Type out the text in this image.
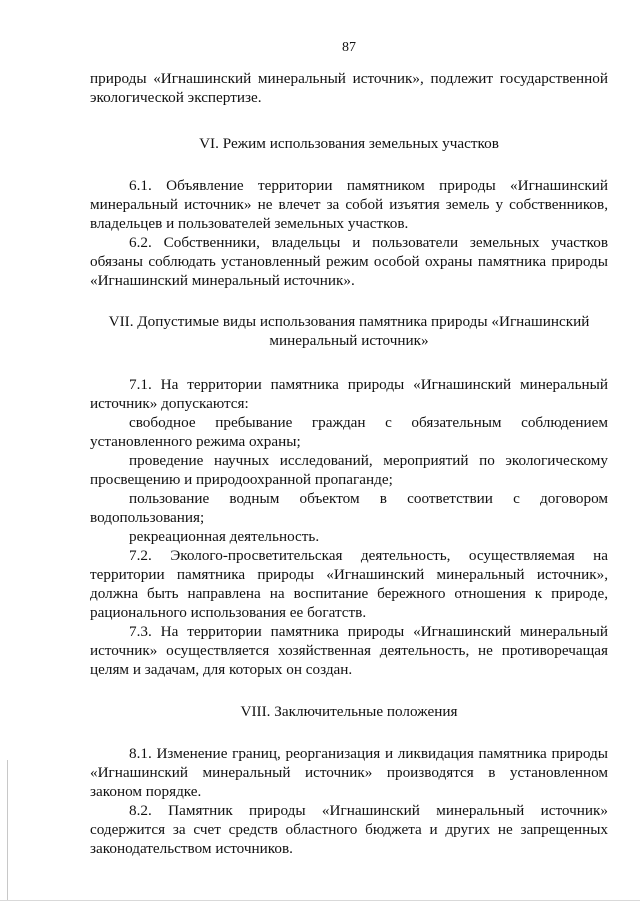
87

природы «Игнашинский минеральный источник», подлежит государственной экологической экспертизе.

VI. Режим использования земельных участков

6.1. Объявление территории памятником природы «Игнашинский минеральный источник» не влечет за собой изъятия земель у собственников, владельцев и пользователей земельных участков.

6.2. Собственники, владельцы и пользователи земельных участков обязаны соблюдать установленный режим особой охраны памятника природы «Игнашинский минеральный источник».

VII. Допустимые виды использования памятника природы «Игнашинский минеральный источник»

7.1. На территории памятника природы «Игнашинский минеральный источник» допускаются:

свободное пребывание граждан с обязательным соблюдением установленного режима охраны;

проведение научных исследований, мероприятий по экологическому просвещению и природоохранной пропаганде;

пользование водным объектом в соответствии с договором водопользования;

рекреационная деятельность.

7.2. Эколого-просветительская деятельность, осуществляемая на территории памятника природы «Игнашинский минеральный источник», должна быть направлена на воспитание бережного отношения к природе, рационального использования ее богатств.

7.3. На территории памятника природы «Игнашинский минеральный источник» осуществляется хозяйственная деятельность, не противоречащая целям и задачам, для которых он создан.

VIII. Заключительные положения

8.1. Изменение границ, реорганизация и ликвидация памятника природы «Игнашинский минеральный источник» производятся в установленном законом порядке.

8.2. Памятник природы «Игнашинский минеральный источник» содержится за счет средств областного бюджета и других не запрещенных законодательством источников.
